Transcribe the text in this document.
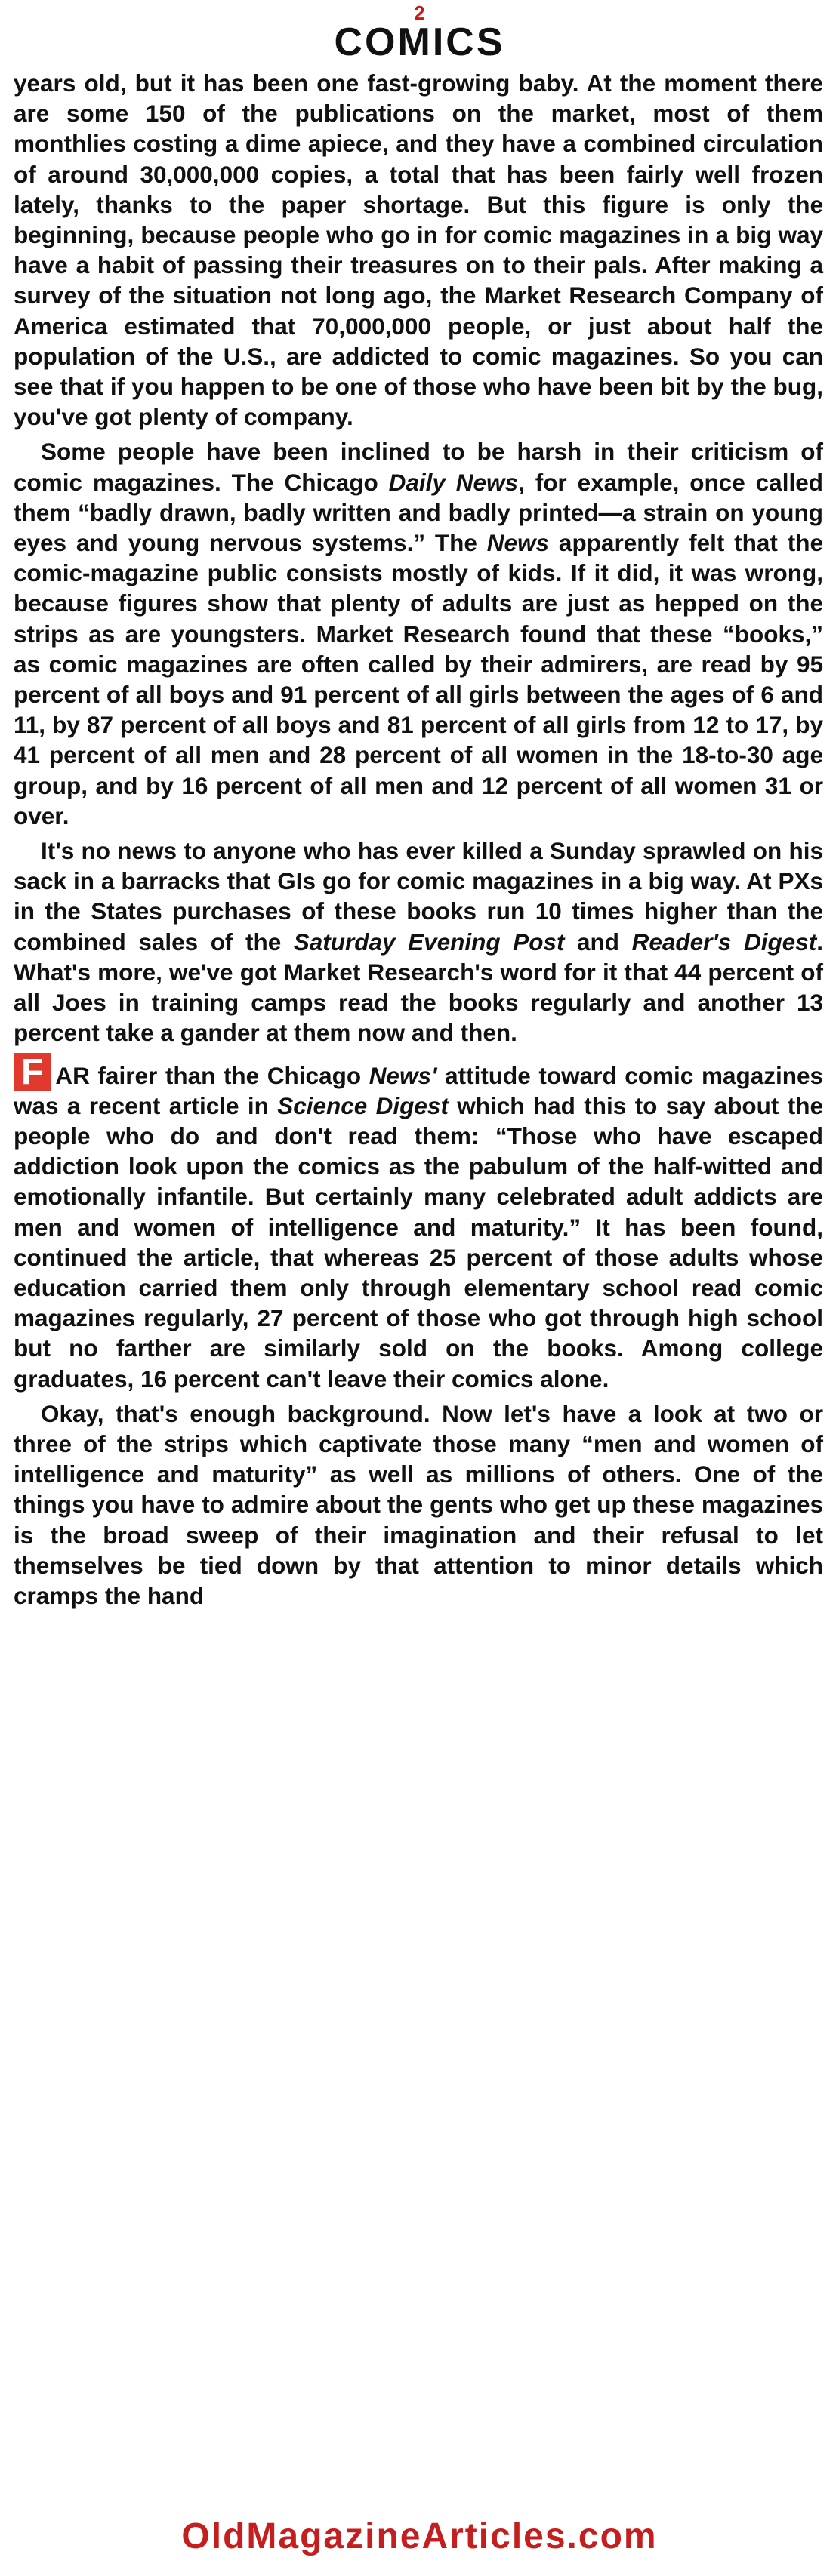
2
COMICS

years old, but it has been one fast-growing baby. At the moment there are some 150 of the publications on the market, most of them monthlies costing a dime apiece, and they have a combined circulation of around 30,000,000 copies, a total that has been fairly well frozen lately, thanks to the paper shortage. But this figure is only the beginning, because people who go in for comic magazines in a big way have a habit of passing their treasures on to their pals. After making a survey of the situation not long ago, the Market Research Company of America estimated that 70,000,000 people, or just about half the population of the U.S., are addicted to comic magazines. So you can see that if you happen to be one of those who have been bit by the bug, you've got plenty of company.

Some people have been inclined to be harsh in their criticism of comic magazines. The Chicago Daily News, for example, once called them “badly drawn, badly written and badly printed—a strain on young eyes and young nervous systems.” The News apparently felt that the comic-magazine public consists mostly of kids. If it did, it was wrong, because figures show that plenty of adults are just as hepped on the strips as are youngsters. Market Research found that these “books,” as comic magazines are often called by their admirers, are read by 95 percent of all boys and 91 percent of all girls between the ages of 6 and 11, by 87 percent of all boys and 81 percent of all girls from 12 to 17, by 41 percent of all men and 28 percent of all women in the 18-to-30 age group, and by 16 percent of all men and 12 percent of all women 31 or over.

It's no news to anyone who has ever killed a Sunday sprawled on his sack in a barracks that GIs go for comic magazines in a big way. At PXs in the States purchases of these books run 10 times higher than the combined sales of the Saturday Evening Post and Reader's Digest. What's more, we've got Market Research's word for it that 44 percent of all Joes in training camps read the books regularly and another 13 percent take a gander at them now and then.

F AR fairer than the Chicago News' attitude toward comic magazines was a recent article in Science Digest which had this to say about the people who do and don't read them: “Those who have escaped addiction look upon the comics as the pabulum of the half-witted and emotionally infantile. But certainly many celebrated adult addicts are men and women of intelligence and maturity.” It has been found, continued the article, that whereas 25 percent of those adults whose education carried them only through elementary school read comic magazines regularly, 27 percent of those who got through high school but no farther are similarly sold on the books. Among college graduates, 16 percent can't leave their comics alone.

Okay, that's enough background. Now let's have a look at two or three of the strips which captivate those many “men and women of intelligence and maturity” as well as millions of others. One of the things you have to admire about the gents who get up these magazines is the broad sweep of their imagination and their refusal to let themselves be tied down by that attention to minor details which cramps the hand

OldMagazineArticles.com
